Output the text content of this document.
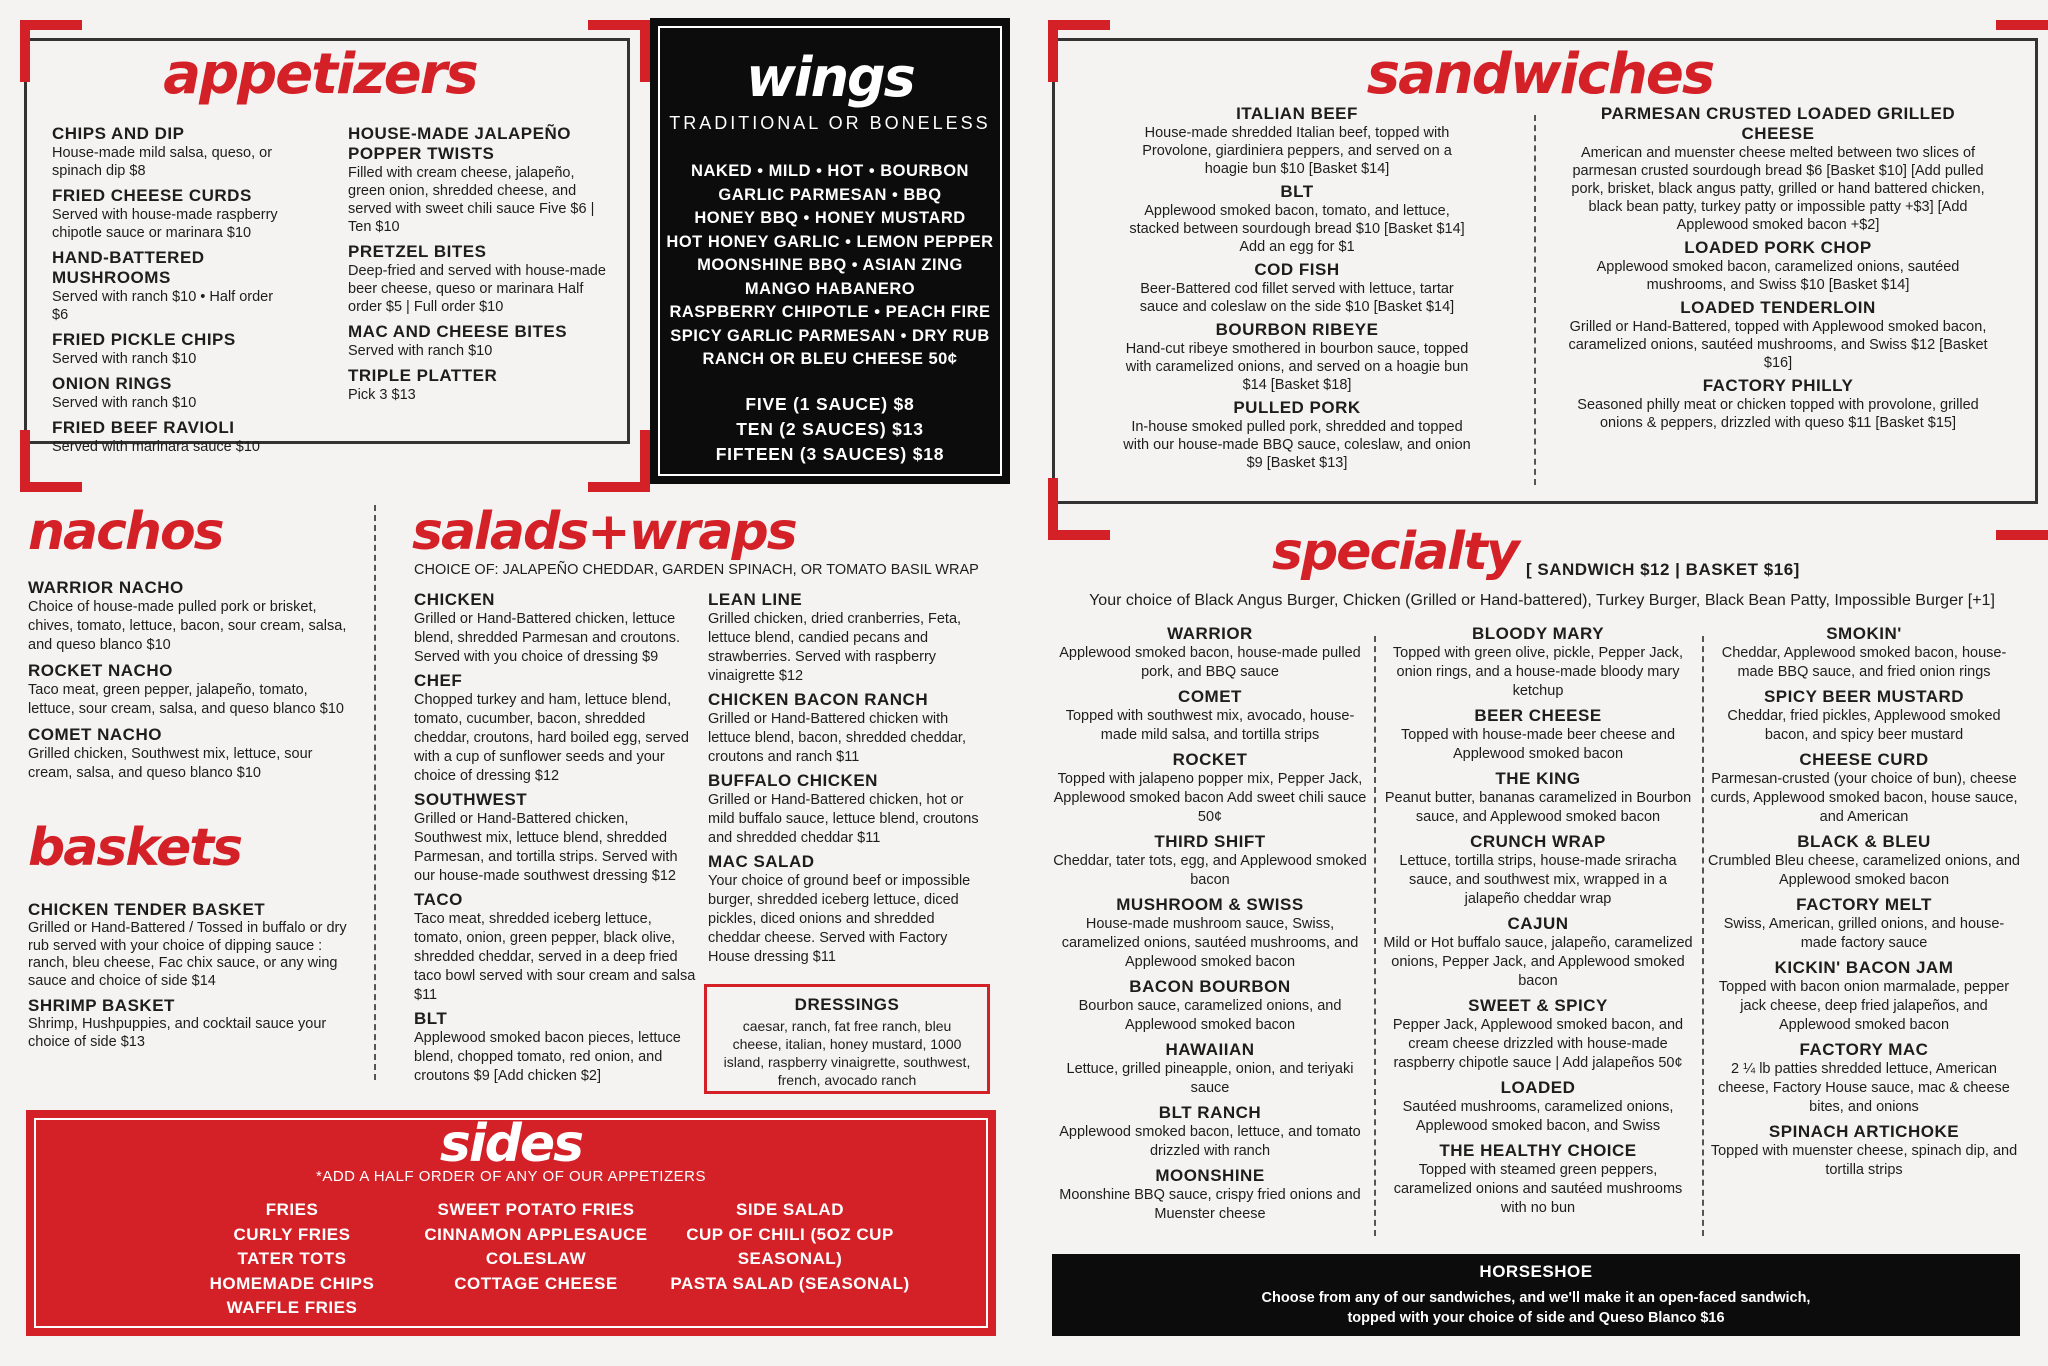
appetizers
CHIPS AND DIP
House-made mild salsa, queso, or spinach dip $8
FRIED CHEESE CURDS
Served with house-made raspberry chipotle sauce or marinara $10
HAND-BATTERED MUSHROOMS
Served with ranch $10 • Half order $6
FRIED PICKLE CHIPS
Served with ranch $10
ONION RINGS
Served with ranch $10
FRIED BEEF RAVIOLI
Served with marinara sauce $10
HOUSE-MADE JALAPEÑO POPPER TWISTS
Filled with cream cheese, jalapeño, green onion, shredded cheese, and served with sweet chili sauce Five $6 | Ten $10
PRETZEL BITES
Deep-fried and served with house-made beer cheese, queso or marinara Half order $5 | Full order $10
MAC AND CHEESE BITES
Served with ranch $10
TRIPLE PLATTER
Pick 3 $13
wings
TRADITIONAL OR BONELESS
NAKED • MILD • HOT • BOURBON
GARLIC PARMESAN • BBQ
HONEY BBQ • HONEY MUSTARD
HOT HONEY GARLIC • LEMON PEPPER
MOONSHINE BBQ • ASIAN ZING
MANGO HABANERO
RASPBERRY CHIPOTLE • PEACH FIRE
SPICY GARLIC PARMESAN • DRY RUB
RANCH OR BLEU CHEESE 50¢
FIVE (1 SAUCE) $8
TEN (2 SAUCES) $13
FIFTEEN (3 SAUCES) $18
sandwiches
ITALIAN BEEF
House-made shredded Italian beef, topped with Provolone, giardiniera peppers, and served on a hoagie bun $10 [Basket $14]
BLT
Applewood smoked bacon, tomato, and lettuce, stacked between sourdough bread $10 [Basket $14] Add an egg for $1
COD FISH
Beer-Battered cod fillet served with lettuce, tartar sauce and coleslaw on the side $10 [Basket $14]
BOURBON RIBEYE
Hand-cut ribeye smothered in bourbon sauce, topped with caramelized onions, and served on a hoagie bun $14 [Basket $18]
PULLED PORK
In-house smoked pulled pork, shredded and topped with our house-made BBQ sauce, coleslaw, and onion $9 [Basket $13]
PARMESAN CRUSTED LOADED GRILLED CHEESE
American and muenster cheese melted between two slices of parmesan crusted sourdough bread $6 [Basket $10] [Add pulled pork, brisket, black angus patty, grilled or hand battered chicken, black bean patty, turkey patty or impossible patty +$3] [Add Applewood smoked bacon +$2]
LOADED PORK CHOP
Applewood smoked bacon, caramelized onions, sautéed mushrooms, and Swiss $10 [Basket $14]
LOADED TENDERLOIN
Grilled or Hand-Battered, topped with Applewood smoked bacon, caramelized onions, sautéed mushrooms, and Swiss $12 [Basket $16]
FACTORY PHILLY
Seasoned philly meat or chicken topped with provolone, grilled onions & peppers, drizzled with queso $11 [Basket $15]
nachos
WARRIOR NACHO
Choice of house-made pulled pork or brisket, chives, tomato, lettuce, bacon, sour cream, salsa, and queso blanco $10
ROCKET NACHO
Taco meat, green pepper, jalapeño, tomato, lettuce, sour cream, salsa, and queso blanco $10
COMET NACHO
Grilled chicken, Southwest mix, lettuce, sour cream, salsa, and queso blanco $10
baskets
CHICKEN TENDER BASKET
Grilled or Hand-Battered / Tossed in buffalo or dry rub served with your choice of dipping sauce : ranch, bleu cheese, Fac chix sauce, or any wing sauce and choice of side $14
SHRIMP BASKET
Shrimp, Hushpuppies, and cocktail sauce your choice of side $13
salads+wraps
CHOICE OF: JALAPEÑO CHEDDAR, GARDEN SPINACH, OR TOMATO BASIL WRAP
CHICKEN
Grilled or Hand-Battered chicken, lettuce blend, shredded Parmesan and croutons. Served with you choice of dressing $9
CHEF
Chopped turkey and ham, lettuce blend, tomato, cucumber, bacon, shredded cheddar, croutons, hard boiled egg, served with a cup of sunflower seeds and your choice of dressing $12
SOUTHWEST
Grilled or Hand-Battered chicken, Southwest mix, lettuce blend, shredded Parmesan, and tortilla strips. Served with our house-made southwest dressing $12
TACO
Taco meat, shredded iceberg lettuce, tomato, onion, green pepper, black olive, shredded cheddar, served in a deep fried taco bowl served with sour cream and salsa $11
BLT
Applewood smoked bacon pieces, lettuce blend, chopped tomato, red onion, and croutons $9 [Add chicken $2]
LEAN LINE
Grilled chicken, dried cranberries, Feta, lettuce blend, candied pecans and strawberries. Served with raspberry vinaigrette $12
CHICKEN BACON RANCH
Grilled or Hand-Battered chicken with lettuce blend, bacon, shredded cheddar, croutons and ranch $11
BUFFALO CHICKEN
Grilled or Hand-Battered chicken, hot or mild buffalo sauce, lettuce blend, croutons and shredded cheddar $11
MAC SALAD
Your choice of ground beef or impossible burger, shredded iceberg lettuce, diced pickles, diced onions and shredded cheddar cheese. Served with Factory House dressing $11
DRESSINGS
caesar, ranch, fat free ranch, bleu cheese, italian, honey mustard, 1000 island, raspberry vinaigrette, southwest, french, avocado ranch
specialty [ SANDWICH $12 | BASKET $16]
Your choice of Black Angus Burger, Chicken (Grilled or Hand-battered), Turkey Burger, Black Bean Patty, Impossible Burger [+1]
WARRIOR
Applewood smoked bacon, house-made pulled pork, and BBQ sauce
COMET
Topped with southwest mix, avocado, house-made mild salsa, and tortilla strips
ROCKET
Topped with jalapeno popper mix, Pepper Jack, Applewood smoked bacon Add sweet chili sauce 50¢
THIRD SHIFT
Cheddar, tater tots, egg, and Applewood smoked bacon
MUSHROOM & SWISS
House-made mushroom sauce, Swiss, caramelized onions, sautéed mushrooms, and Applewood smoked bacon
BACON BOURBON
Bourbon sauce, caramelized onions, and Applewood smoked bacon
HAWAIIAN
Lettuce, grilled pineapple, onion, and teriyaki sauce
BLT RANCH
Applewood smoked bacon, lettuce, and tomato drizzled with ranch
MOONSHINE
Moonshine BBQ sauce, crispy fried onions and Muenster cheese
BLOODY MARY
Topped with green olive, pickle, Pepper Jack, onion rings, and a house-made bloody mary ketchup
BEER CHEESE
Topped with house-made beer cheese and Applewood smoked bacon
THE KING
Peanut butter, bananas caramelized in Bourbon sauce, and Applewood smoked bacon
CRUNCH WRAP
Lettuce, tortilla strips, house-made sriracha sauce, and southwest mix, wrapped in a jalapeño cheddar wrap
CAJUN
Mild or Hot buffalo sauce, jalapeño, caramelized onions, Pepper Jack, and Applewood smoked bacon
SWEET & SPICY
Pepper Jack, Applewood smoked bacon, and cream cheese drizzled with house-made raspberry chipotle sauce | Add jalapeños 50¢
LOADED
Sautéed mushrooms, caramelized onions, Applewood smoked bacon, and Swiss
THE HEALTHY CHOICE
Topped with steamed green peppers, caramelized onions and sautéed mushrooms with no bun
SMOKIN'
Cheddar, Applewood smoked bacon, house-made BBQ sauce, and fried onion rings
SPICY BEER MUSTARD
Cheddar, fried pickles, Applewood smoked bacon, and spicy beer mustard
CHEESE CURD
Parmesan-crusted (your choice of bun), cheese curds, Applewood smoked bacon, house sauce, and American
BLACK & BLEU
Crumbled Bleu cheese, caramelized onions, and Applewood smoked bacon
FACTORY MELT
Swiss, American, grilled onions, and house-made factory sauce
KICKIN' BACON JAM
Topped with bacon onion marmalade, pepper jack cheese, deep fried jalapeños, and Applewood smoked bacon
FACTORY MAC
2 ¼ lb patties shredded lettuce, American cheese, Factory House sauce, mac & cheese bites, and onions
SPINACH ARTICHOKE
Topped with muenster cheese, spinach dip, and tortilla strips
sides
*ADD A HALF ORDER OF ANY OF OUR APPETIZERS
FRIES
CURLY FRIES
TATER TOTS
HOMEMADE CHIPS
WAFFLE FRIES
SWEET POTATO FRIES
CINNAMON APPLESAUCE
COLESLAW
COTTAGE CHEESE
SIDE SALAD
CUP OF CHILI (5OZ CUP SEASONAL)
PASTA SALAD (SEASONAL)
HORSESHOE
Choose from any of our sandwiches, and we'll make it an open-faced sandwich, topped with your choice of side and Queso Blanco $16
